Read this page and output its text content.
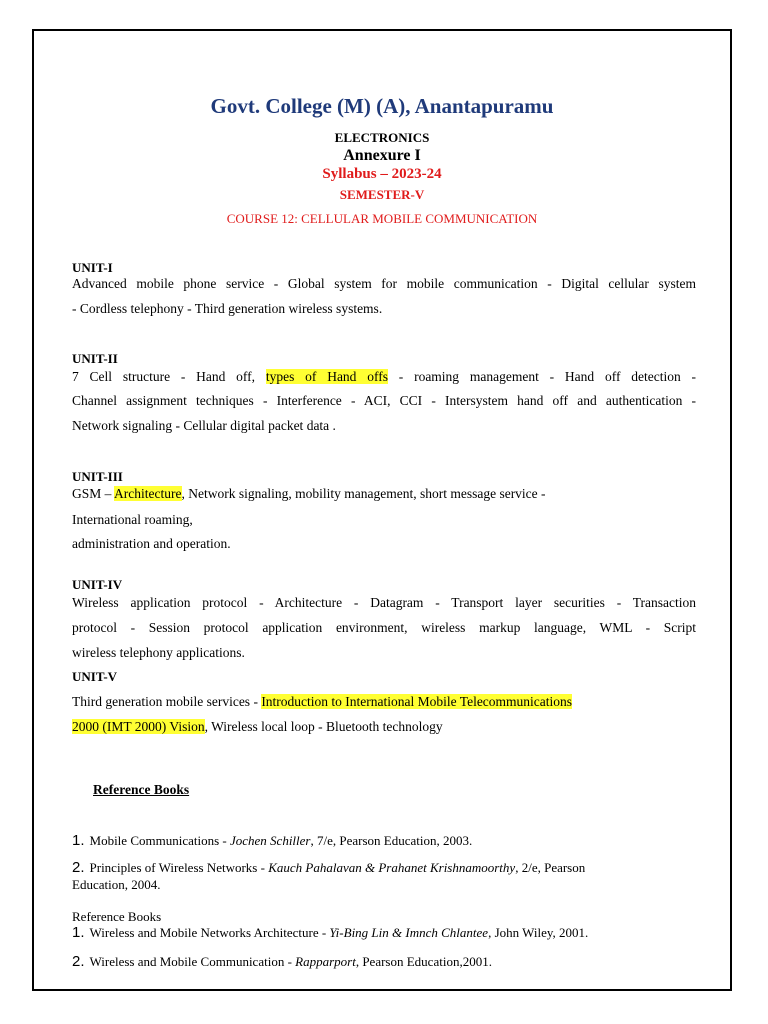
Govt. College (M) (A), Anantapuramu
ELECTRONICS
Annexure I
Syllabus – 2023-24
SEMESTER-V
COURSE 12: CELLULAR MOBILE COMMUNICATION
UNIT-I
Advanced mobile phone service - Global system for mobile communication - Digital cellular system
- Cordless telephony - Third generation wireless systems.
UNIT-II
7 Cell structure - Hand off, types of Hand offs - roaming management - Hand off detection -
Channel assignment techniques - Interference - ACI, CCI - Intersystem hand off and authentication -
Network signaling - Cellular digital packet data .
UNIT-III
GSM – Architecture, Network signaling, mobility management, short message service -
International roaming,
administration and operation.
UNIT-IV
Wireless application protocol - Architecture - Datagram - Transport layer securities - Transaction
protocol - Session protocol application environment, wireless markup language, WML - Script
wireless telephony applications.
UNIT-V
Third generation mobile services - Introduction to International Mobile Telecommunications
2000 (IMT 2000) Vision, Wireless local loop - Bluetooth technology
Reference Books
1. Mobile Communications - Jochen Schiller, 7/e, Pearson Education, 2003.
2. Principles of Wireless Networks - Kauch Pahalavan & Prahanet Krishnamoorthy, 2/e, Pearson
Education, 2004.
Reference Books
1. Wireless and Mobile Networks Architecture - Yi-Bing Lin & Imnch Chlantee, John Wiley, 2001.
2. Wireless and Mobile Communication - Rapparport, Pearson Education,2001.
